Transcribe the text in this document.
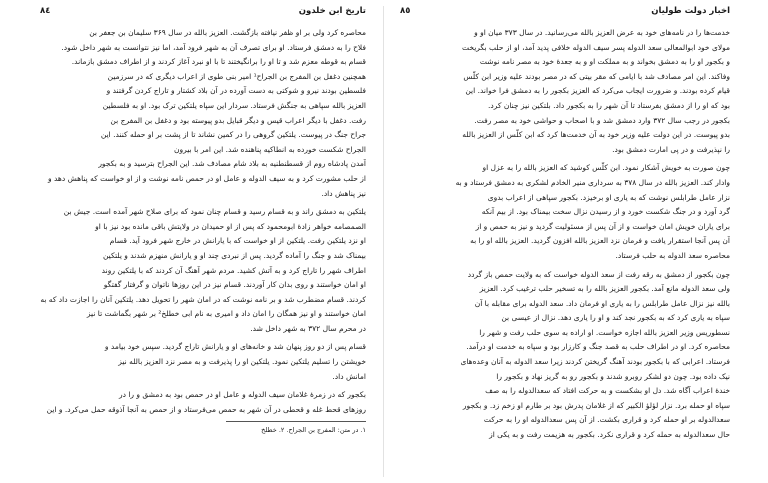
تاريخ ابن خلدون
٨٤
محاصره کرد ولی بر او ظفر نیافته بازگشت. العزیز بالله در سال ۳۶۹ سلیمان بن جعفر بن
فلاح را به دمشق فرستاد. او برای تصرف آن به شهر فرود آمد، اما نیز نتوانست به شهر داخل شود.
قسام به قوطه معزم شد و تا او را برانگیختند تا با او نبرد آغاز کردند و از اطراف دمشق بازماند.
همچنین دغفل بن المفرج بن الجراح¹ امیر بنی طوی از اعراب دیگری که در سرزمین
فلسطین بودند نیرو و شوکتی به دست آورده در آن بلاد کشتار و تاراج کردن گرفتند و
العزیز بالله سپاهی به جنگش فرستاد. سردار این سپاه یلتکین ترک بود. او به فلسطین
رفت. دغفل با دیگر اعراب قیس و دیگر قبایل بدو پیوسته بود و دغفل بن المفرج بن
جراح جنگ در پیوست. یلتکین گروهی را در کمین نشاند تا از پشت بر او حمله کنند. این
الجراح شکست خورده به انطاکیه پناهنده شد. این امر با بیرون
آمدن پادشاه روم از قسطنطنیه به بلاد شام مصادف شد. این الجراح بترسید و به بکجور
از حلب مشورت کرد و به سیف الدوله و عامل او در حمص نامه نوشت و از او خواست که پناهش دهد و
نیز پناهش داد.
یلتکین به دمشق راند و به قسام رسید و قسام چنان نمود که برای صلاح شهر آمده است. جیش بن
الصمصامه خواهر زادهٔ ابومحمود که پس از او حمیدان در ولایتش باقی مانده بود نیز با او
او نزد یلتکین رفت. یلتکین از او خواست که با یارانش در خارج شهر فرود آید. قسام
بیمناک شد و جنگ را آماده گردید. پس از نبردی چند او و یارانش منهزم شدند و یلتکین
اطراف شهر را تاراج کرد و به آتش کشید. مردم شهر آهنگ آن کردند که با یلتکین روند
او امان خواستند و روی بدان کار آوردند. قسام نیز در این روزها ناتوان و گرفتار گفتگو
کردند. قسام مضطرب شد و بر نامه نوشت که در امان شهر را تحویل دهد. یلتکین آنان را اجازت داد که به
امان خواستند و او نیز همگان را امان داد و امیری به نام ابی خطلخ² بر شهر بگماشت تا نیز
در محرم سال ۳۷۲ به شهر داخل شد.
قسام پس از دو روز پنهان شد و خانه‌های او و یارانش تاراج گردید. سپس خود بیامد و
خویشتن را تسلیم یلتکین نمود. یلتکین او را پذیرفت و به مصر نزد العزیز بالله نیز
امانش داد.
بکجور که در زمرهٔ غلامان سیف الدوله و عامل او در حمص بود به دمشق و را در
روزهای قحط غله و قحطی در آن شهر به حمص می‌فرستاد و از حمص به آنجا آذوقه حمل می‌کرد. و این
١. در متن: المفرج بن الجراح. ٢. خطلخ
اخبار دولت طولیان
٨٥
خدمت‌ها را در نامه‌های خود به عرض العزیز بالله می‌رسانید. در سال ۳۷۳ میان او و
مولای خود ابوالمعالی سعد الدوله پسر سیف الدوله خلافی پدید آمد، او از حلب بگریخت
و بکجور او را به دمشق بخواند و به مملکت او و به جعدهٔ خود به مصر نامه نوشت
وفاکند. این امر مصادف شد با ایامی که مقر بیتی که در مصر بودند علیه وزیر ابن کلّس
قیام کرده بودند. و ضرورت ایجاب می‌کرد که العزیز بکجور را به دمشق فرا خواند. این
بود که او را از دمشق بفرستاد تا آن شهر را به بکجور داد. بلتکین نیز چنان کرد.
بکجور در رجب سال ۳۷۲ وارد دمشق شد و با اصحاب و حواشی خود به مصر رفت.
بدو پیوست. در این دولت علیه وزیر خود به آن خدمت‌ها کرد که ابن کلّس از العزیز بالله
را نپذیرفت و در پی امارت دمشق بود.
چون صورت به خویش آشکار نمود. ابن کلّس کوشید که العزیز بالله را به عزل او
وادار کند. العزیز بالله در سال ۳۷۸ به سرداری منیر الخادم لشکری به دمشق فرستاد و به
نزار عامل طرابلس نوشت که به یاری او برخیزد. بکجور سپاهی از اعراب بدوی
گرد آورد و در جنگ شکست خورد و از رسیدن نزال سخت بیمناک بود. از بیم آنکه
برای یاران خویش امان خواست و از آن پس از مسئولیت گردید و نیز به حمص و از
آن پس آنجا استقرار یافت و فرمان نزد العزیز بالله افزون گردید. العزیز بالله او را به
محاصره سعد الدوله به حلب فرستاد.
چون بکجور از دمشق به رقه رفت از سعد الدوله خواست که به ولایت حمص باز گردد
ولی سعد الدوله مانع آمد. بکجور العزیز بالله را به تسخیر حلب ترغیب کرد. العزیز
بالله نیز نزال عامل طرابلس را به یاری او فرمان داد. سعد الدوله برای مقابله با آن
سپاه به یاری کرد که به بکجور نجد کند و او را یاری دهد. نزال از عیسی بن
نسطوریس وزیر العزیز بالله اجازه خواست. او اراده به سوی حلب رفت و شهر را
محاصره کرد. او در اطراف حلب به قصد جنگ و کارزار بود و سپاه به خدمت او درآمد.
فرستاد. اعرابی که با بکجور بودند آهنگ گریختن کردند زیرا سعد الدوله به آنان وعده‌های
نیک داده بود. چون دو لشکر روبرو شدند و بکجور رو به گریز نهاد و بکجور را
خندهٔ اعراب آگاه شد. دل او بشکست و به حرکت افتاد که سعدالدوله را به صف
سپاه او حمله برد. نزار لؤلؤ الکبیر که از غلامان پدرش بود بر طارم او زخم زد. و بکجور
سعدالدوله بر او حمله کرد و قراری بکشت. از آن پس سعدالدوله او را به حرکت
حال سعدالدوله به حمله کرد و قراری نکرد. بکجور به هزیمت رفت و به یکی از
